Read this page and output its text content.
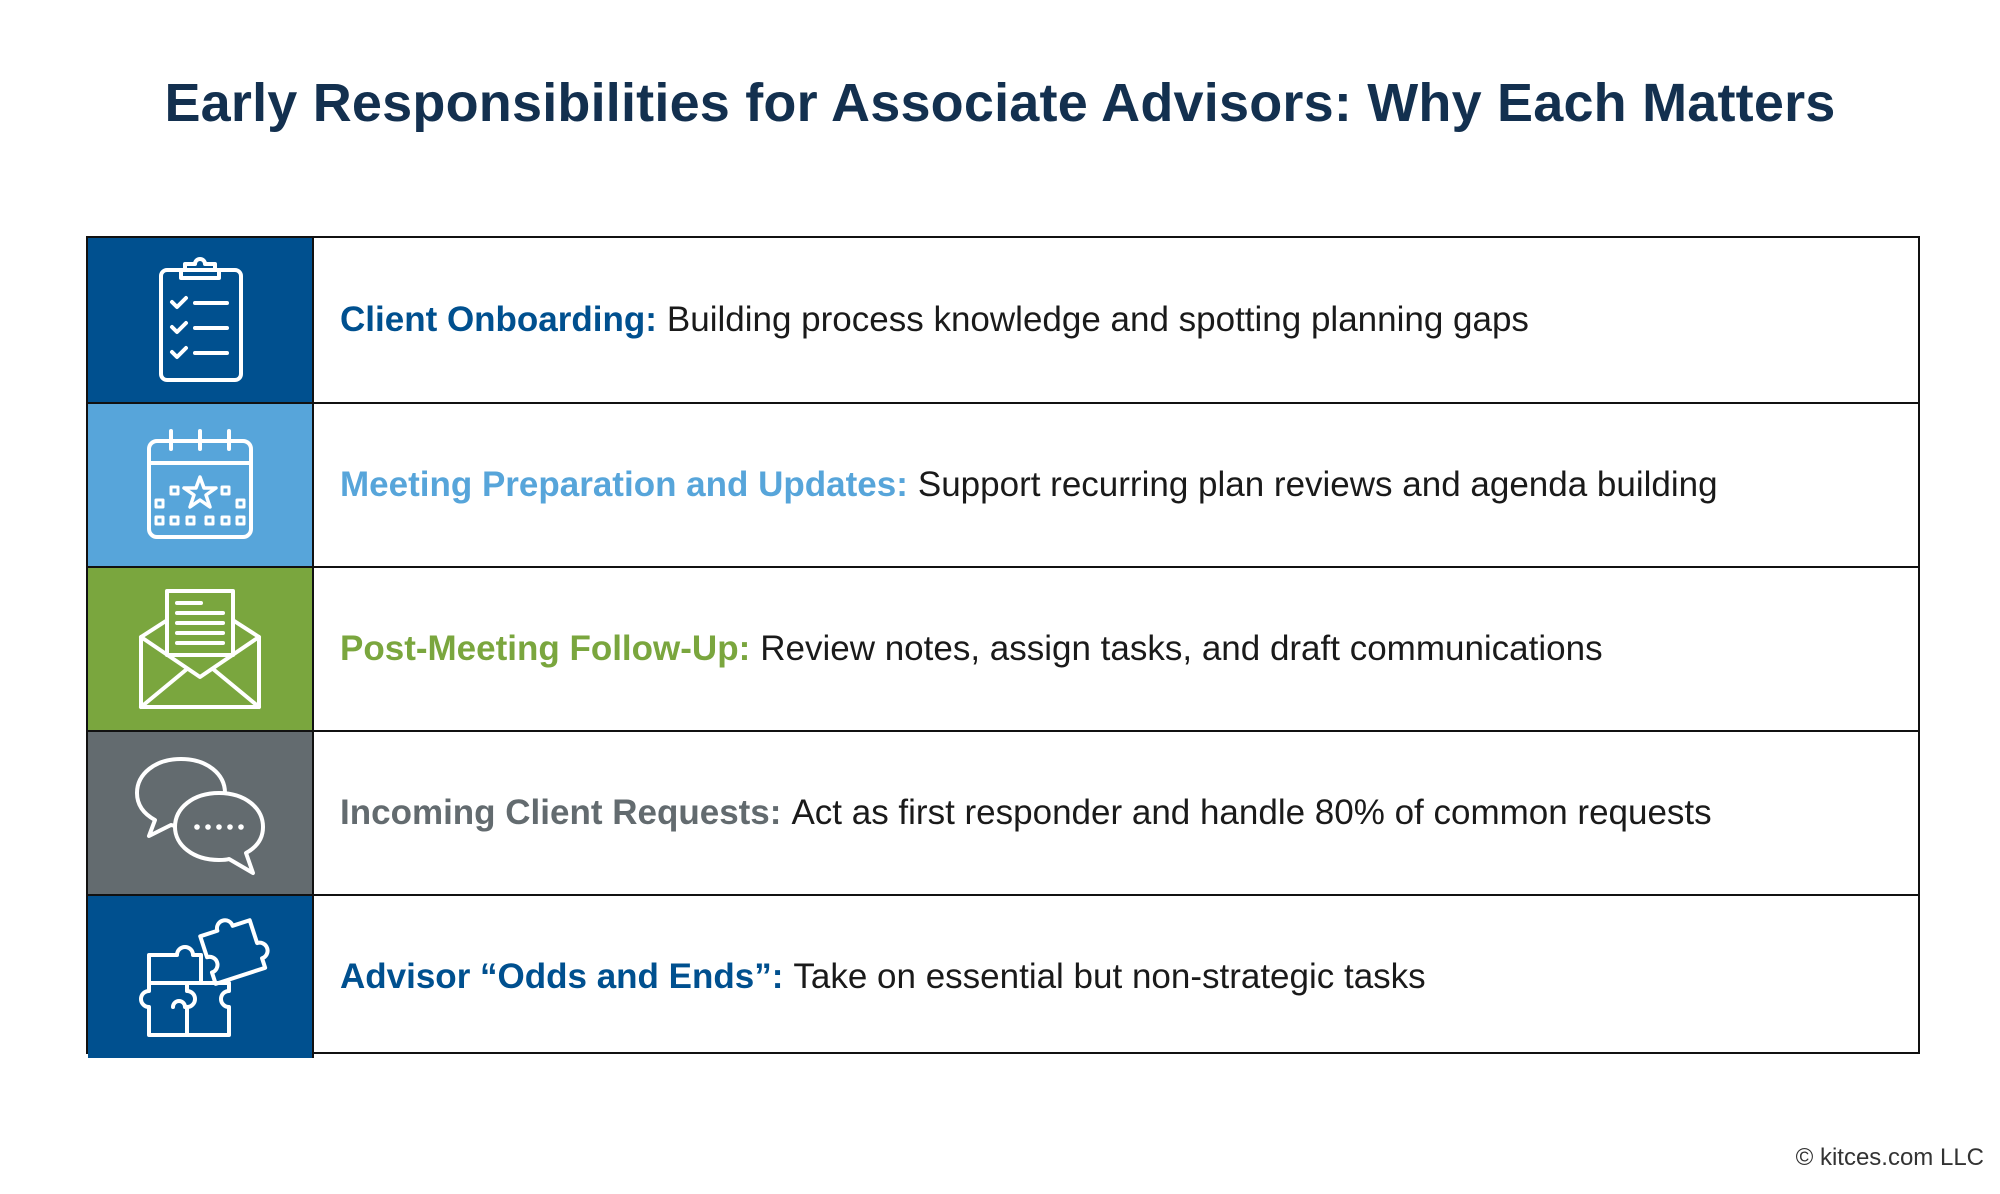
Early Responsibilities for Associate Advisors: Why Each Matters
Client Onboarding: Building process knowledge and spotting planning gaps
Meeting Preparation and Updates: Support recurring plan reviews and agenda building
Post-Meeting Follow-Up: Review notes, assign tasks, and draft communications
Incoming Client Requests: Act as first responder and handle 80% of common requests
Advisor “Odds and Ends”: Take on essential but non-strategic tasks
© kitces.com LLC
